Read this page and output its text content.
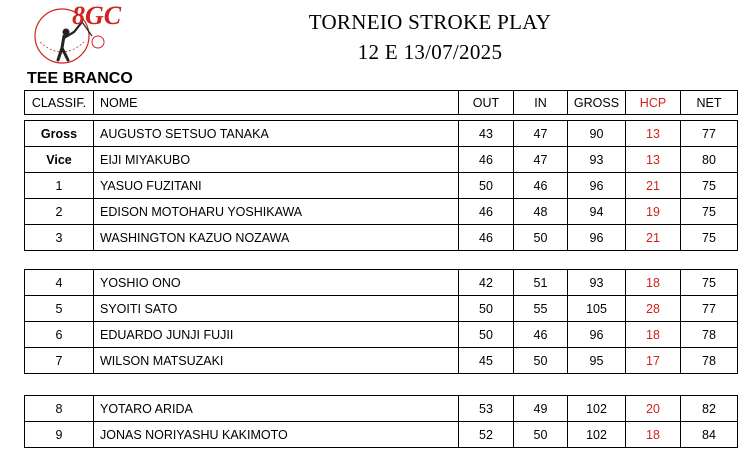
8GC	TORNEIO STROKE PLAY
12 E 13/07/2025
TEE BRANCO
CLASSIF.	NOME	OUT	IN	GROSS	HCP	NET
Gross	AUGUSTO SETSUO TANAKA	43	47	90	13	77
Vice	EIJI MIYAKUBO	46	47	93	13	80
1	YASUO FUZITANI	50	46	96	21	75
2	EDISON MOTOHARU YOSHIKAWA	46	48	94	19	75
3	WASHINGTON KAZUO NOZAWA	46	50	96	21	75
4	YOSHIO ONO	42	51	93	18	75
5	SYOITI SATO	50	55	105	28	77
6	EDUARDO JUNJI FUJII	50	46	96	18	78
7	WILSON MATSUZAKI	45	50	95	17	78
8	YOTARO ARIDA	53	49	102	20	82
9	JONAS NORIYASHU KAKIMOTO	52	50	102	18	84
